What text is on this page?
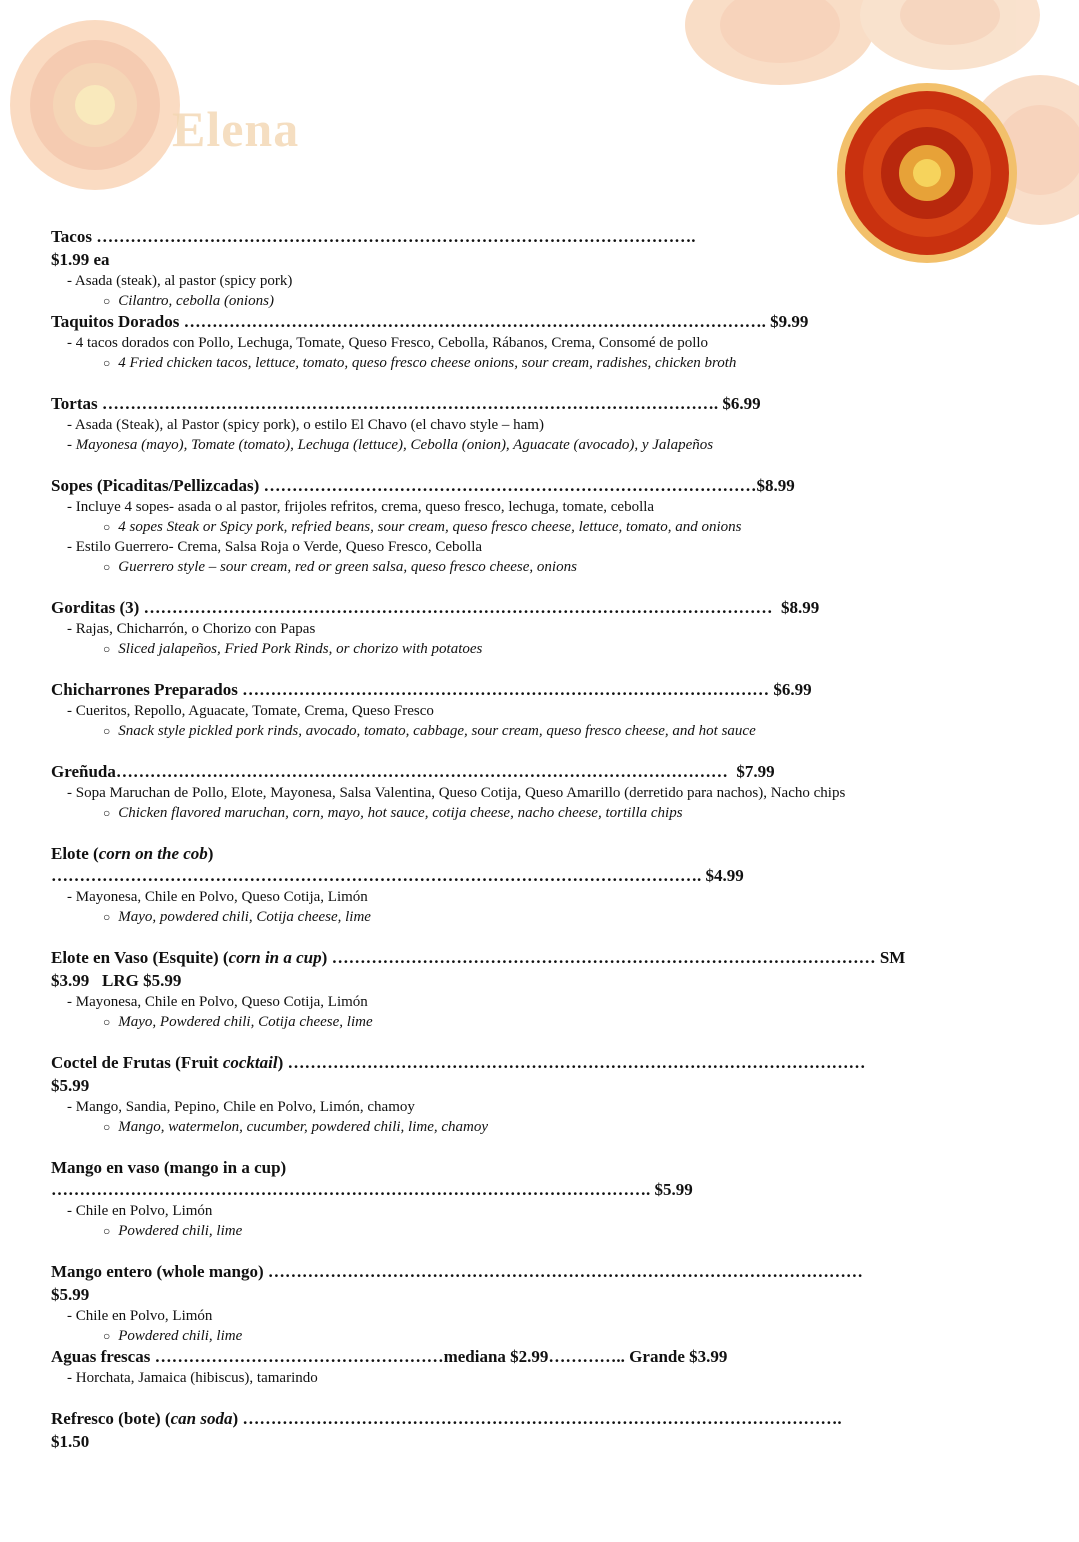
Elena
Tacos …………………………………………………………………………………………….
$1.99 ea
- Asada (steak), al pastor (spicy pork)
○ Cilantro, cebolla (onions)
Taquitos Dorados …………………………………………………………………………………………. $9.99
- 4 tacos dorados con Pollo, Lechuga, Tomate, Queso Fresco, Cebolla, Rábanos, Crema, Consomé de pollo
○ 4 Fried chicken tacos, lettuce, tomato, queso fresco cheese onions, sour cream, radishes, chicken broth
Tortas ………………………………………………………………………………………………. $6.99
- Asada (Steak), al Pastor (spicy pork), o estilo El Chavo (el chavo style – ham)
- Mayonesa (mayo), Tomate (tomato), Lechuga (lettuce), Cebolla (onion), Aguacate (avocado), y Jalapeños
Sopes (Picaditas/Pellizcadas) ……………………………………………………………………………$8.99
- Incluye 4 sopes- asada o al pastor, frijoles refritos, crema, queso fresco, lechuga, tomate, cebolla
○ 4 sopes Steak or Spicy pork, refried beans, sour cream, queso fresco cheese, lettuce, tomato, and onions
- Estilo Guerrero- Crema, Salsa Roja o Verde, Queso Fresco, Cebolla
○ Guerrero style – sour cream, red or green salsa, queso fresco cheese, onions
Gorditas (3) ………………………………………………………………………………………………… $8.99
- Rajas, Chicharrón, o Chorizo con Papas
○ Sliced jalapeños, Fried Pork Rinds, or chorizo with potatoes
Chicharrones Preparados ………………………………………………………………………………… $6.99
- Cueritos, Repollo, Aguacate, Tomate, Crema, Queso Fresco
○ Snack style pickled pork rinds, avocado, tomato, cabbage, sour cream, queso fresco cheese, and hot sauce
Greñuda……………………………………………………………………………………………… $7.99
- Sopa Maruchan de Pollo, Elote, Mayonesa, Salsa Valentina, Queso Cotija, Queso Amarillo (derretido para nachos), Nacho chips
○ Chicken flavored maruchan, corn, mayo, hot sauce, cotija cheese, nacho cheese, tortilla chips
Elote (corn on the cob)
……………………………………………………………………………………………………. $4.99
- Mayonesa, Chile en Polvo, Queso Cotija, Limón
○ Mayo, powdered chili, Cotija cheese, lime
Elote en Vaso (Esquite) (corn in a cup) …………………………………………………………………………………… SM
$3.99   LRG $5.99
- Mayonesa, Chile en Polvo, Queso Cotija, Limón
○ Mayo, Powdered chili, Cotija cheese, lime
Coctel de Frutas (Fruit cocktail) …………………………………………………………………………………………
$5.99
- Mango, Sandia, Pepino, Chile en Polvo, Limón, chamoy
○ Mango, watermelon, cucumber, powdered chili, lime, chamoy
Mango en vaso (mango in a cup)
……………………………………………………………………………………………. $5.99
- Chile en Polvo, Limón
○ Powdered chili, lime
Mango entero (whole mango) ……………………………………………………………………………………………
$5.99
- Chile en Polvo, Limón
○ Powdered chili, lime
Aguas frescas ……………………………………………mediana $2.99………….. Grande $3.99
- Horchata, Jamaica (hibiscus), tamarindo
Refresco (bote) (can soda) …………………………………………………………………………………………….
$1.50
